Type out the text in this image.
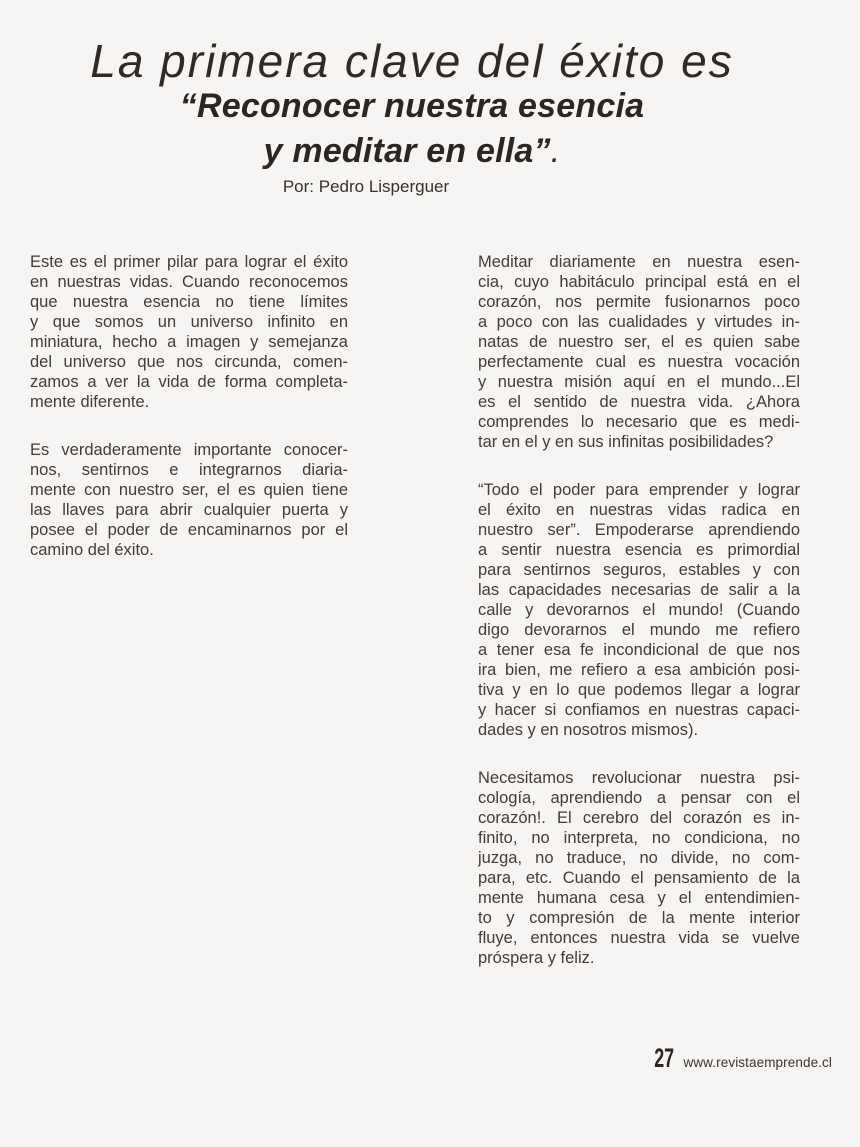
La primera clave del éxito es
“Reconocer nuestra esencia
y meditar en ella”.
Por: Pedro Lisperguer
Este es el primer pilar para lograr el éxito
en nuestras vidas. Cuando reconocemos
que nuestra esencia no tiene límites
y que somos un universo infinito en
miniatura, hecho a imagen y semejanza
del universo que nos circunda, comen-
zamos a ver la vida de forma completa-
mente diferente.
Es verdaderamente importante conocer-
nos, sentirnos e integrarnos diaria-
mente con nuestro ser, el es quien tiene
las llaves para abrir cualquier puerta y
posee el poder de encaminarnos por el
camino del éxito.
Meditar diariamente en nuestra esen-
cia, cuyo habitáculo principal está en el
corazón, nos permite fusionarnos poco
a poco con las cualidades y virtudes in-
natas de nuestro ser, el es quien sabe
perfectamente cual es nuestra vocación
y nuestra misión aquí en el mundo...El
es el sentido de nuestra vida. ¿Ahora
comprendes lo necesario que es medi-
tar en el y en sus infinitas posibilidades?
“Todo el poder para emprender y lograr
el éxito en nuestras vidas radica en
nuestro ser”. Empoderarse aprendiendo
a sentir nuestra esencia es primordial
para sentirnos seguros, estables y con
las capacidades necesarias de salir a la
calle y devorarnos el mundo! (Cuando
digo devorarnos el mundo me refiero
a tener esa fe incondicional de que nos
ira bien, me refiero a esa ambición posi-
tiva y en lo que podemos llegar a lograr
y hacer si confiamos en nuestras capaci-
dades y en nosotros mismos).
Necesitamos revolucionar nuestra psi-
cología, aprendiendo a pensar con el
corazón!. El cerebro del corazón es in-
finito, no interpreta, no condiciona, no
juzga, no traduce, no divide, no com-
para, etc. Cuando el pensamiento de la
mente humana cesa y el entendimien-
to y compresión de la mente interior
fluye, entonces nuestra vida se vuelve
próspera y feliz.
27 www.revistaemprende.cl
